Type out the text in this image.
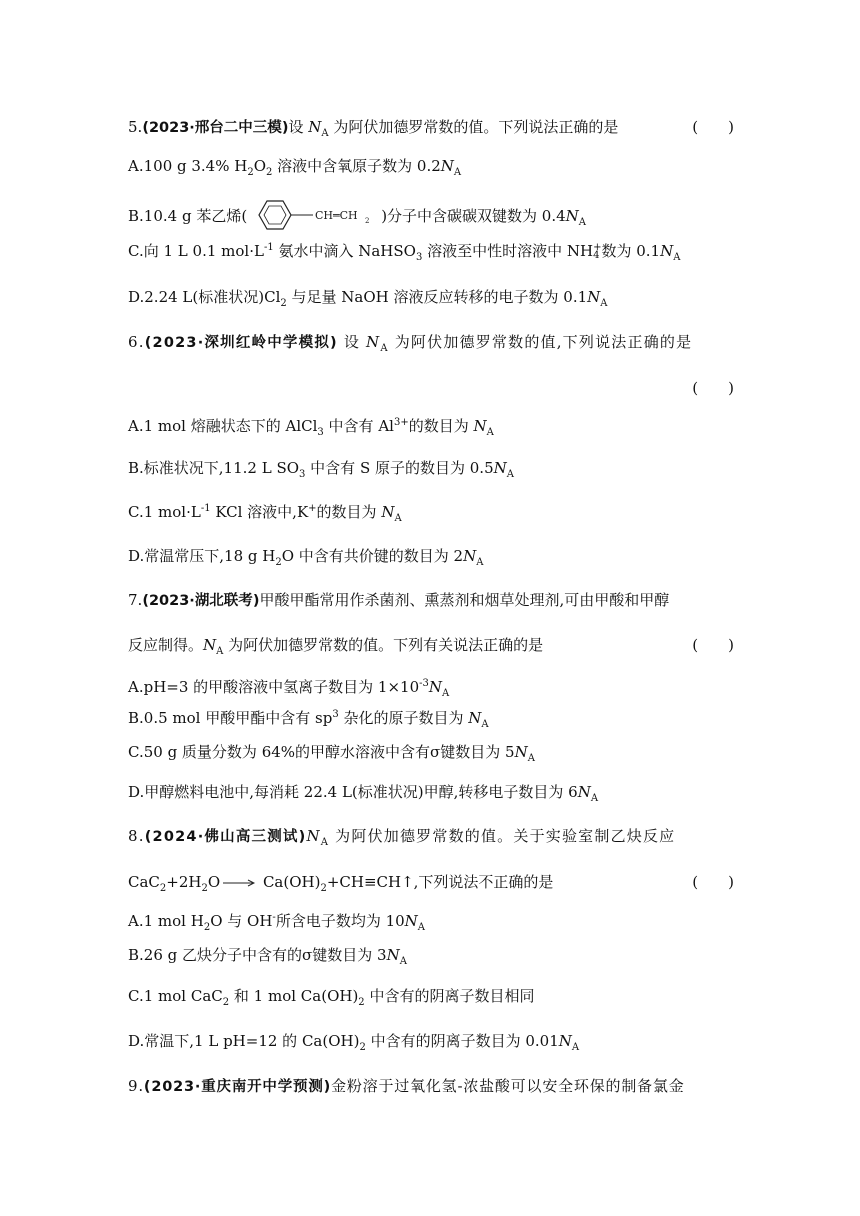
5.(2023·邢台二中三模)设 $N_A$ 为阿伏加德罗常数的值。下列说法正确的是	(　　)
A.100 g 3.4% $H_2O_2$ 溶液中含氧原子数为 $0.2N_A$
B.10.4 g 苯乙烯(	CH═CH 2 )分子中含碳碳双键数为 $0.4N_A$
C.向 1 L 0.1 $mol\cdot L^{-1}$ 氨水中滴入 NaHSO$_3$ 溶液至中性时溶液中 NH +
4 数为 $0.1N_A$
D.2.24 L(标准状况)$Cl_2$ 与足量 NaOH 溶液反应转移的电子数为 $0.1N_A$
6.(2023·深圳红岭中学模拟) 设 $N_A$ 为阿伏加德罗常数的值,下列说法正确的是
(　　)
A.1 mol 熔融状态下的 AlCl$_3$ 中含有 $Al^{3+}$的数目为 $N_A$
B.标准状况下,11.2 L $SO_3$ 中含有 S 原子的数目为 $0.5N_A$
C.1 $mol\cdot L^{-1}$ KCl 溶液中,K+的数目为 $N_A$
D.常温常压下,18 g $H_2O$ 中含有共价键的数目为 $2N_A$
7.(2023·湖北联考)甲酸甲酯常用作杀菌剂、熏蒸剂和烟草处理剂,可由甲酸和甲醇
反应制得。$N_A$ 为阿伏加德罗常数的值。下列有关说法正确的是	(　　)
A.pH=3 的甲酸溶液中氢离子数目为 $1\times 10^{-3}N_A$
B.0.5 mol 甲酸甲酯中含有 $sp^3$ 杂化的原子数目为 $N_A$
C.50 g 质量分数为 64%的甲醇水溶液中含有σ键数目为 $5N_A$
D.甲醇燃料电池中,每消耗 22.4 L(标准状况)甲醇,转移电子数目为 $6N_A$
8.(2024·佛山高三测试)$N_A$ 为阿伏加德罗常数的值。关于实验室制乙炔反应
$CaC_2+2H_2O$ → $Ca(OH)_2+CH\equiv CH↑$,下列说法不正确的是	(　　)
A.1 mol $H_2O$ 与 OH-所含电子数均为 $10N_A$
B.26 g 乙炔分子中含有的σ键数目为 $3N_A$
C.1 mol CaC$_2$ 和 1 mol $Ca(OH)_2$ 中含有的阴离子数目相同
D.常温下,1 L pH=12 的 $Ca(OH)_2$ 中含有的阴离子数目为 $0.01N_A$
9.(2023·重庆南开中学预测)金粉溶于过氧化氢-浓盐酸可以安全环保的制备氯金
